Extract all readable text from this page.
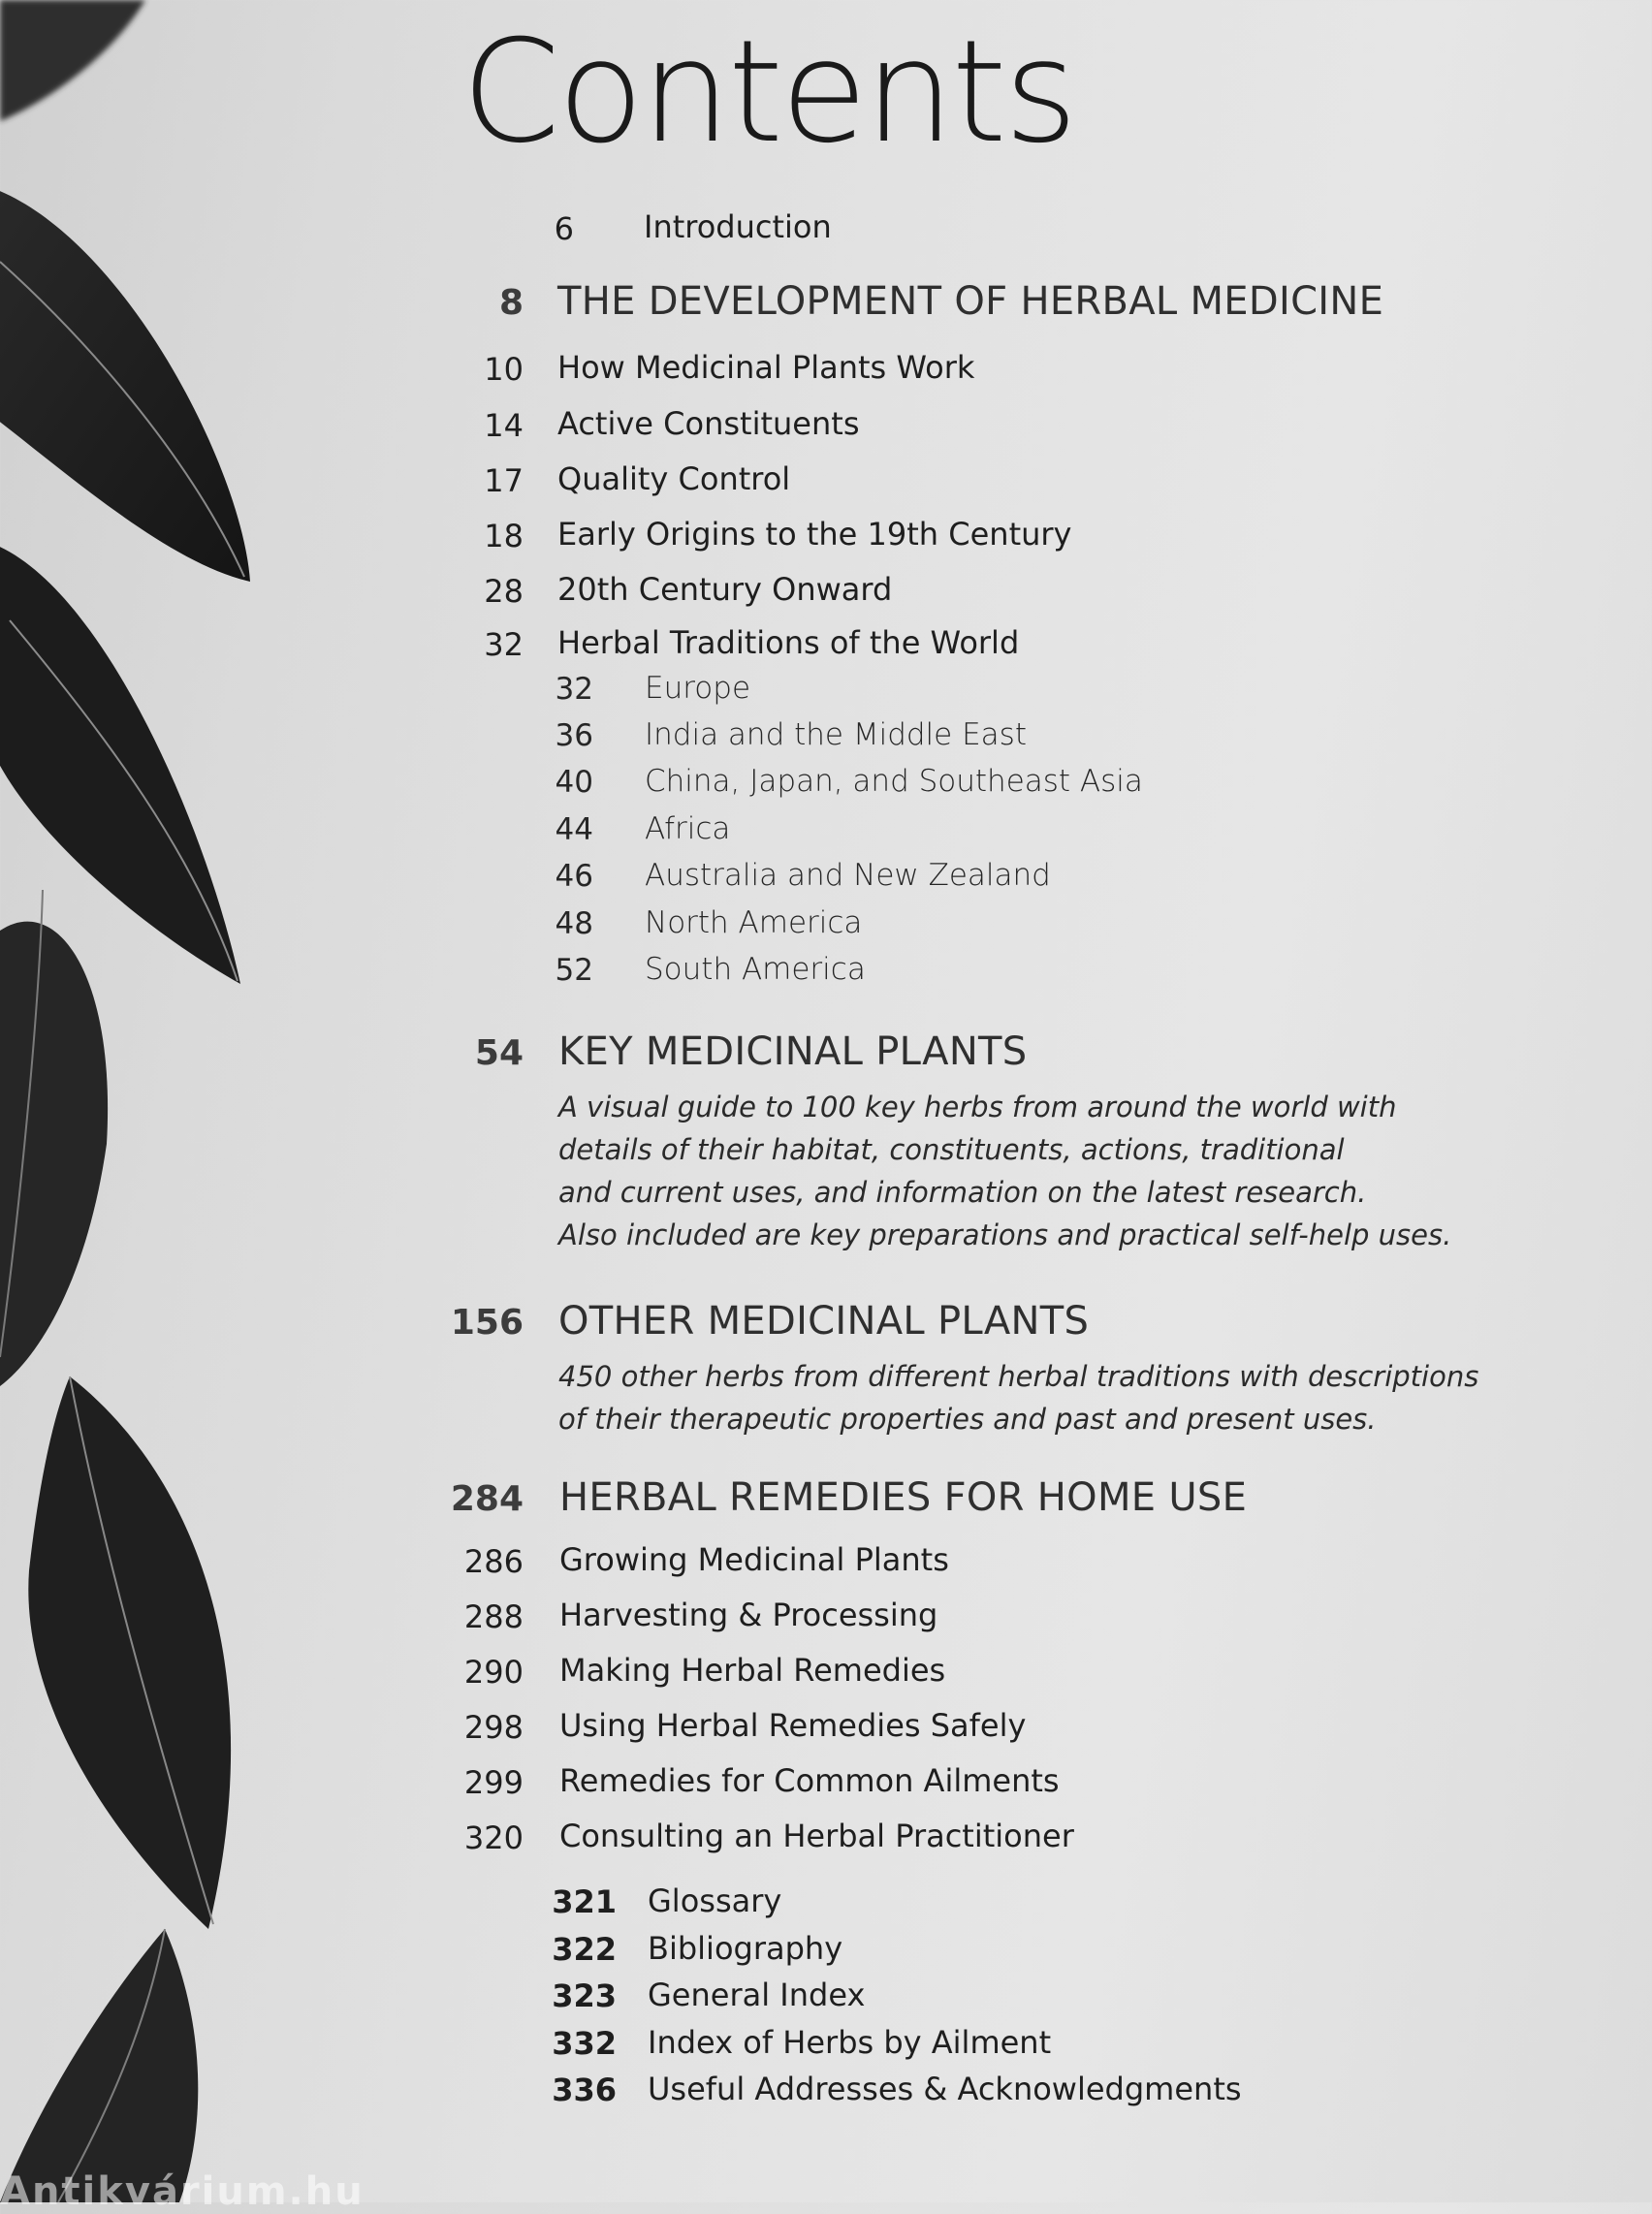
Contents
6 Introduction
8 THE DEVELOPMENT OF HERBAL MEDICINE
10 How Medicinal Plants Work
14 Active Constituents
17 Quality Control
18 Early Origins to the 19th Century
28 20th Century Onward
32 Herbal Traditions of the World
32 Europe
36 India and the Middle East
40 China, Japan, and Southeast Asia
44 Africa
46 Australia and New Zealand
48 North America
52 South America
54 KEY MEDICINAL PLANTS

A visual guide to 100 key herbs from around the world with
details of their habitat, constituents, actions, traditional
and current uses, and information on the latest research.
Also included are key preparations and practical self-help uses.

156 OTHER MEDICINAL PLANTS

450 other herbs from different herbal traditions with descriptions
of their therapeutic properties and past and present uses.

284 HERBAL REMEDIES FOR HOME USE
286 Growing Medicinal Plants
288 Harvesting & Processing
290 Making Herbal Remedies
298 Using Herbal Remedies Safely
299 Remedies for Common Ailments
320 Consulting an Herbal Practitioner
321 Glossary
322 Bibliography
323 General Index
332 Index of Herbs by Ailment
336 Useful Addresses & Acknowledgments
Antikvárium.hu
